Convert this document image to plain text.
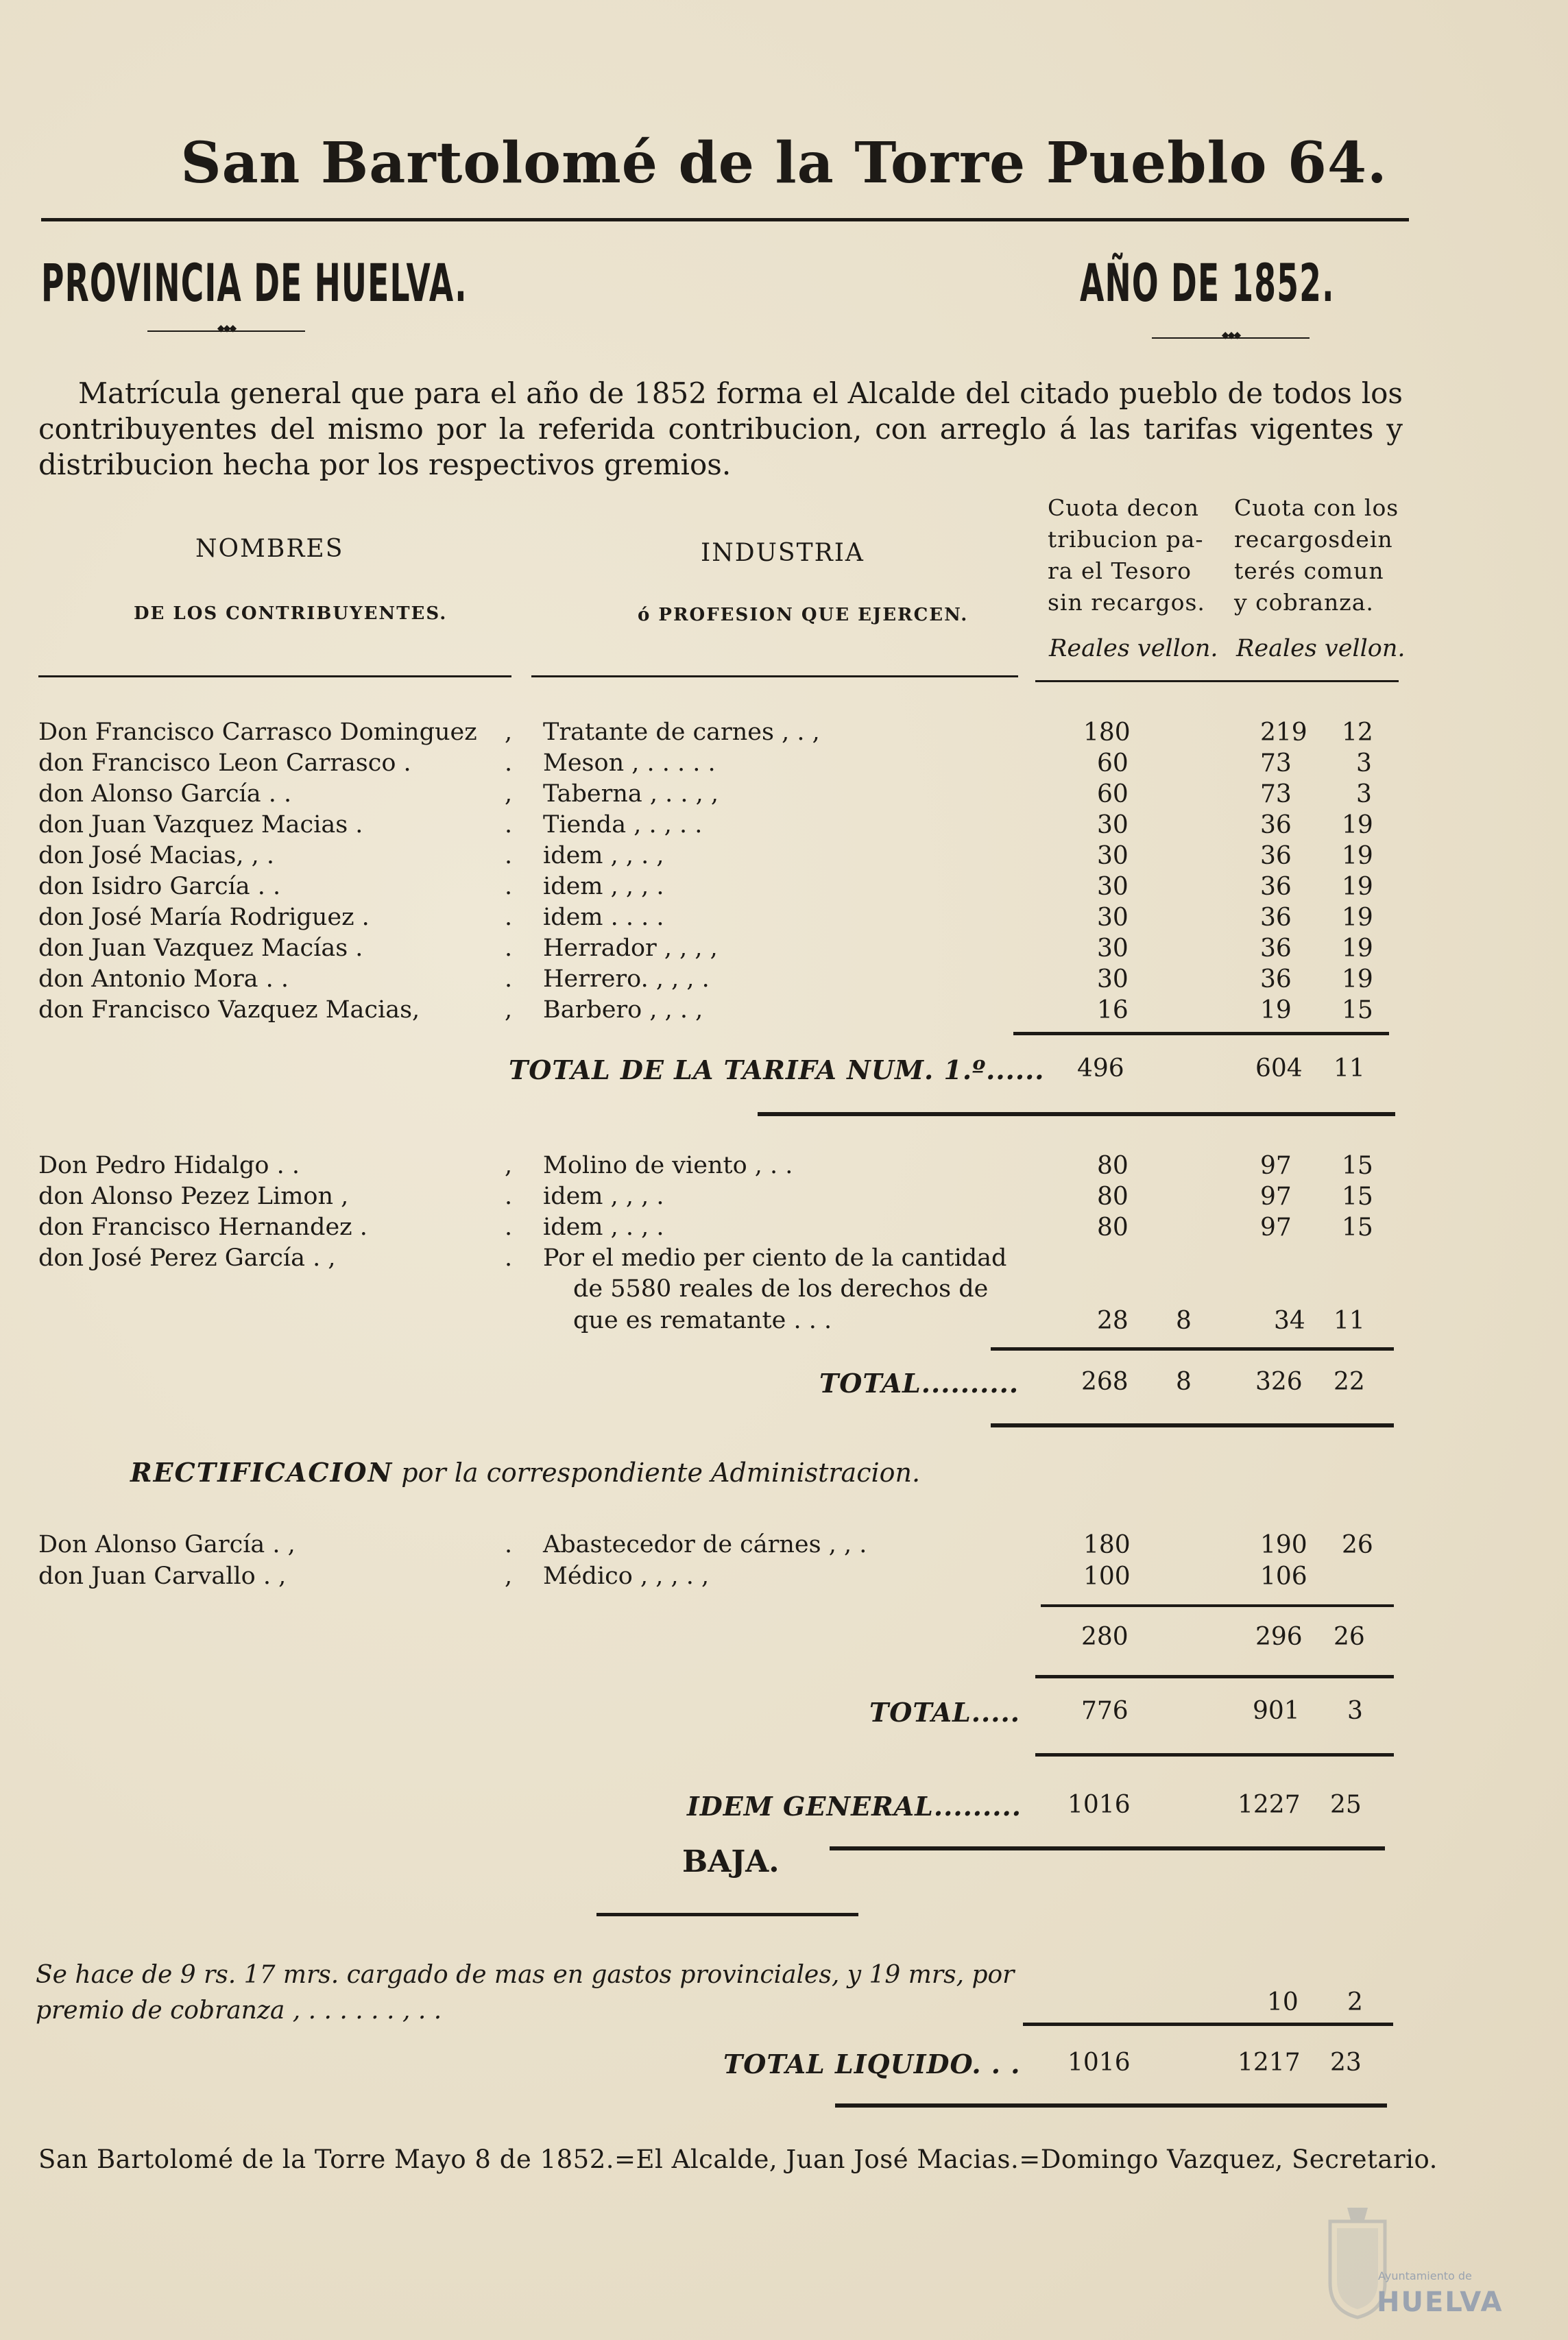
San Bartolomé de la Torre Pueblo 64.
PROVINCIA DE HUELVA.	AÑO DE 1852.
◆◆◆
◆◆◆
Matrícula general que para el año de 1852 forma el Alcalde del citado pueblo de todos los contribuyentes del mismo por la referida contribucion, con arreglo á las tarifas vigentes y distribucion hecha por los respectivos gremios.
NOMBRES
DE LOS CONTRIBUYENTES.
INDUSTRIA
ó PROFESION QUE EJERCEN.
Cuota decon
tribucion pa-
ra el Tesoro
sin recargos.
Cuota con los
recargosdein
terés comun
y cobranza.
Reales vellon. Reales vellon.
Don Francisco Carrasco Dominguez , Tratante de carnes , . ,	180	219 12
don Francisco Leon Carrasco .	. Meson , . . . . .	60	73	3
don Alonso García . .	, Taberna , . . , ,	60	73	3
don Juan Vazquez Macias .	. Tienda , . , . .	30	36 19
don José Macias, , .	. idem , , . ,	30	36 19
don Isidro García . .	. idem , , , .	30	36 19
don José María Rodriguez .	. idem . . . .	30	36 19
don Juan Vazquez Macías .	. Herrador , , , ,	30	36 19
don Antonio Mora . .	. Herrero. , , , .	30	36 19
don Francisco Vazquez Macias,	, Barbero , , . ,	16	19 15
TOTAL DE LA TARIFA NUM. 1.º...... 496	604 11
Don Pedro Hidalgo . .	, Molino de viento , . .	80	97 15
don Alonso Pezez Limon ,	. idem , , , .	80	97 15
don Francisco Hernandez .	. idem , . , .	80	97 15
don José Perez García . ,	. Por el medio per ciento de la cantidad
de 5580 reales de los derechos de
que es rematante . . .	28 8	34 11
TOTAL..........	268 8	326 22
RECTIFICACION por la correspondiente Administracion.
Don Alonso García . ,	. Abastecedor de cárnes , , .	180	190 26
don Juan Carvallo . ,	, Médico , , , . ,	100	106
280	296 26
TOTAL..... 776	901 3
IDEM GENERAL......... 1016	1227 25
BAJA.
Se hace de 9 rs. 17 mrs. cargado de mas en gastos provinciales, y 19 mrs, por premio de cobranza , . . . . . . , . .	10 2
TOTAL LIQUIDO. . . 1016	1217 23
San Bartolomé de la Torre Mayo 8 de 1852.=El Alcalde, Juan José Macias.=Domingo Vazquez, Secretario.
Ayuntamiento de
HUELVA
